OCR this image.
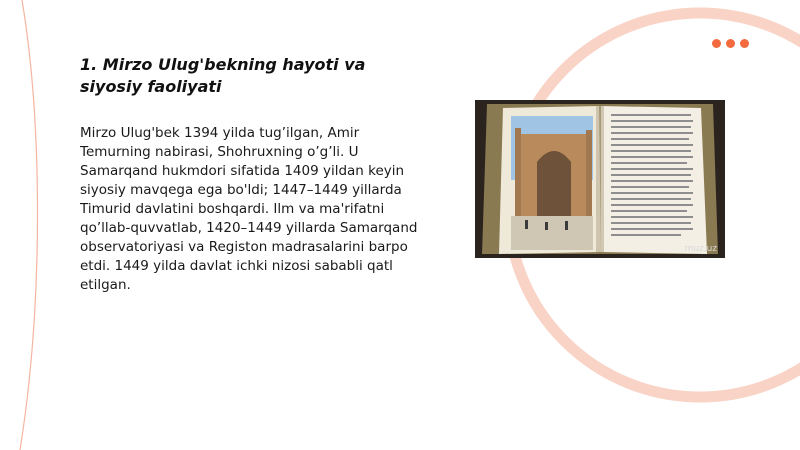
1. Mirzo Ulug'bekning hayoti va siyosiy faoliyati

Mirzo Ulug'bek 1394 yilda tug’ilgan, Amir Temurning nabirasi, Shohruxning o’g’li. U Samarqand hukmdori sifatida 1409 yildan keyin siyosiy mavqega ega bo'ldi; 1447–1449 yillarda Timurid davlatini boshqardi. Ilm va ma'rifatni qo’llab-quvvatlab, 1420–1449 yillarda Samarqand observatoriyasi va Registon madrasalarini barpo etdi. 1449 yilda davlat ichki nizosi sababli qatl etilgan.

muz.uz
